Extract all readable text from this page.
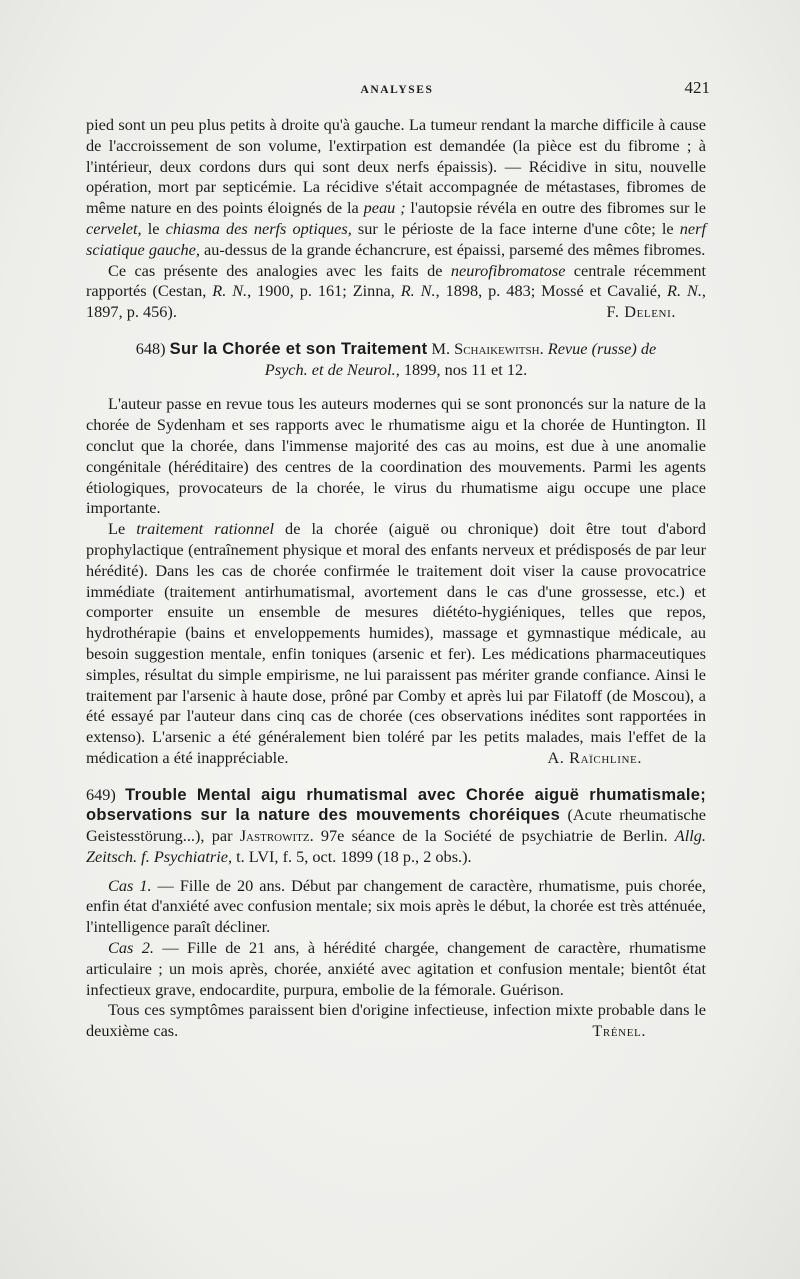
ANALYSES	421

pied sont un peu plus petits à droite qu'à gauche. La tumeur rendant la marche difficile à cause de l'accroissement de son volume, l'extirpation est demandée (la pièce est du fibrome ; à l'intérieur, deux cordons durs qui sont deux nerfs épaissis). — Récidive in situ, nouvelle opération, mort par septicémie. La récidive s'était accompagnée de métastases, fibromes de même nature en des points éloignés de la peau ; l'autopsie révéla en outre des fibromes sur le cervelet, le chiasma des nerfs optiques, sur le périoste de la face interne d'une côte; le nerf sciatique gauche, au-dessus de la grande échancrure, est épaissi, parsemé des mêmes fibromes.

Ce cas présente des analogies avec les faits de neurofibromatose centrale récemment rapportés (Cestan, R. N., 1900, p. 161; Zinna, R. N., 1898, p. 483; Mossé et Cavalié, R. N., 1897, p. 456).	F. Deleni.

648) Sur la Chorée et son Traitement M. Schaikewitsh. Revue (russe) de

Psych. et de Neurol., 1899, nos 11 et 12.

L'auteur passe en revue tous les auteurs modernes qui se sont prononcés sur la nature de la chorée de Sydenham et ses rapports avec le rhumatisme aigu et la chorée de Huntington. Il conclut que la chorée, dans l'immense majorité des cas au moins, est due à une anomalie congénitale (héréditaire) des centres de la coordination des mouvements. Parmi les agents étiologiques, provocateurs de la chorée, le virus du rhumatisme aigu occupe une place importante.

Le traitement rationnel de la chorée (aiguë ou chronique) doit être tout d'abord prophylactique (entraînement physique et moral des enfants nerveux et prédisposés de par leur hérédité). Dans les cas de chorée confirmée le traitement doit viser la cause provocatrice immédiate (traitement antirhumatismal, avortement dans le cas d'une grossesse, etc.) et comporter ensuite un ensemble de mesures diététo-hygiéniques, telles que repos, hydrothérapie (bains et enveloppements humides), massage et gymnastique médicale, au besoin suggestion mentale, enfin toniques (arsenic et fer). Les médications pharmaceutiques simples, résultat du simple empirisme, ne lui paraissent pas mériter grande confiance. Ainsi le traitement par l'arsenic à haute dose, prôné par Comby et après lui par Filatoff (de Moscou), a été essayé par l'auteur dans cinq cas de chorée (ces observations inédites sont rapportées in extenso). L'arsenic a été généralement bien toléré par les petits malades, mais l'effet de la médication a été inappréciable.	A. Raïchline.

649) Trouble Mental aigu rhumatismal avec Chorée aiguë rhumatismale; observations sur la nature des mouvements choréiques (Acute rheumatische Geistesstörung...), par Jastrowitz. 97e séance de la Société de psychiatrie de Berlin. Allg. Zeitsch. f. Psychiatrie, t. LVI, f. 5, oct. 1899 (18 p., 2 obs.).

Cas 1. — Fille de 20 ans. Début par changement de caractère, rhumatisme, puis chorée, enfin état d'anxiété avec confusion mentale; six mois après le début, la chorée est très atténuée, l'intelligence paraît décliner.

Cas 2. — Fille de 21 ans, à hérédité chargée, changement de caractère, rhumatisme articulaire ; un mois après, chorée, anxiété avec agitation et confusion mentale; bientôt état infectieux grave, endocardite, purpura, embolie de la fémorale. Guérison.

Tous ces symptômes paraissent bien d'origine infectieuse, infection mixte probable dans le deuxième cas.	Trénel.
